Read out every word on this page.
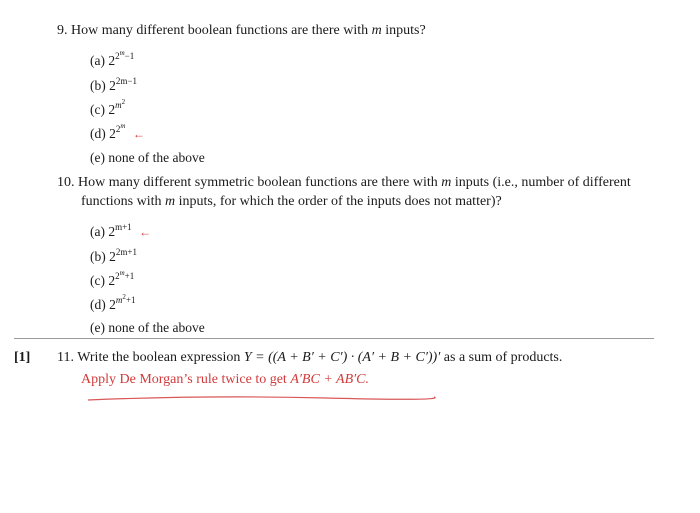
9. How many different boolean functions are there with m inputs?
(a) $2^{2^m-1}$
(b) $2^{2m-1}$
(c) $2^{m^2}$
(d) $2^{2^m}$ ←
(e) none of the above
10. How many different symmetric boolean functions are there with m inputs (i.e., number of different
functions with m inputs, for which the order of the inputs does not matter)?
(a) $2^{m+1}$ ←
(b) $2^{2m+1}$
(c) $2^{2^m+1}$
(d) $2^{m^2+1}$
(e) none of the above
[1] 11. Write the boolean expression Y = ((A + B′ + C′) · (A′ + B + C′))′ as a sum of products.
Apply De Morgan’s rule twice to get A′BC + AB′C.
